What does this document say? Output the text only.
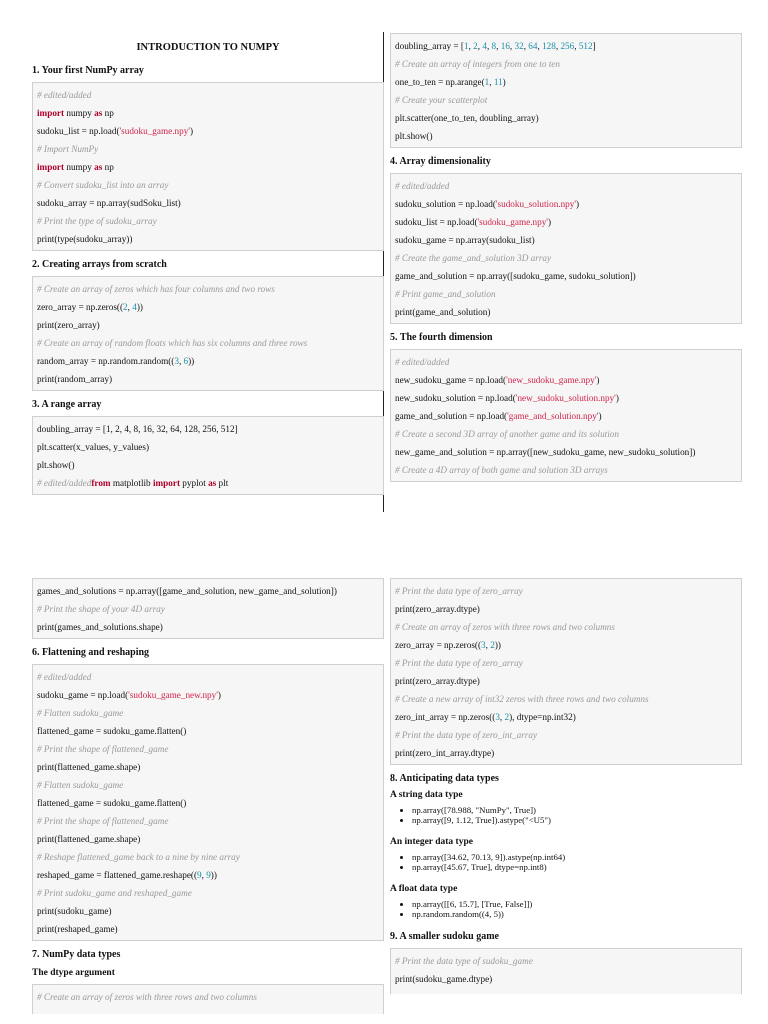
INTRODUCTION TO NUMPY
1. Your first NumPy array
# edited/added
import numpy as np
sudoku_list = np.load('sudoku_game.npy')
# Import NumPy
import numpy as np
# Convert sudoku_list into an array
sudoku_array = np.array(sudSoku_list)
# Print the type of sudoku_array
print(type(sudoku_array))
2. Creating arrays from scratch
# Create an array of zeros which has four columns and two rows
zero_array = np.zeros((2, 4))
print(zero_array)
# Create an array of random floats which has six columns and three rows
random_array = np.random.random((3, 6))
print(random_array)
3. A range array
doubling_array = [1, 2, 4, 8, 16, 32, 64, 128, 256, 512]
plt.scatter(x_values, y_values)
plt.show()
# edited/addedfrom matplotlib import pyplot as plt
doubling_array = [1, 2, 4, 8, 16, 32, 64, 128, 256, 512]
# Create an array of integers from one to ten
one_to_ten = np.arange(1, 11)
# Create your scatterplot
plt.scatter(one_to_ten, doubling_array)
plt.show()
4. Array dimensionality
# edited/added
sudoku_solution = np.load('sudoku_solution.npy')
sudoku_list = np.load('sudoku_game.npy')
sudoku_game = np.array(sudoku_list)
# Create the game_and_solution 3D array
game_and_solution = np.array([sudoku_game, sudoku_solution])
# Print game_and_solution
print(game_and_solution)
5. The fourth dimension
# edited/added
new_sudoku_game = np.load('new_sudoku_game.npy')
new_sudoku_solution = np.load('new_sudoku_solution.npy')
game_and_solution = np.load('game_and_solution.npy')
# Create a second 3D array of another game and its solution
new_game_and_solution = np.array([new_sudoku_game, new_sudoku_solution])
# Create a 4D array of both game and solution 3D arrays
games_and_solutions = np.array([game_and_solution, new_game_and_solution])
# Print the shape of your 4D array
print(games_and_solutions.shape)
6. Flattening and reshaping
# edited/added
sudoku_game = np.load('sudoku_game_new.npy')
# Flatten sudoku_game
flattened_game = sudoku_game.flatten()
# Print the shape of flattened_game
print(flattened_game.shape)
# Flatten sudoku_game
flattened_game = sudoku_game.flatten()
# Print the shape of flattened_game
print(flattened_game.shape)
# Reshape flattened_game back to a nine by nine array
reshaped_game = flattened_game.reshape((9, 9))
# Print sudoku_game and reshaped_game
print(sudoku_game)
print(reshaped_game)
7. NumPy data types
The dtype argument
# Create an array of zeros with three rows and two columns
# Print the data type of zero_array
print(zero_array.dtype)
# Create an array of zeros with three rows and two columns
zero_array = np.zeros((3, 2))
# Print the data type of zero_array
print(zero_array.dtype)
# Create a new array of int32 zeros with three rows and two columns
zero_int_array = np.zeros((3, 2), dtype=np.int32)
# Print the data type of zero_int_array
print(zero_int_array.dtype)
8. Anticipating data types
A string data type
• np.array([78.988, "NumPy", True])
• np.array([9, 1.12, True]).astype("<U5")
An integer data type
• np.array([34.62, 70.13, 9]).astype(np.int64)
• np.array([45.67, True], dtype=np.int8)
A float data type
• np.array([[6, 15.7], [True, False]])
• np.random.random((4, 5))
9. A smaller sudoku game
# Print the data type of sudoku_game
print(sudoku_game.dtype)
